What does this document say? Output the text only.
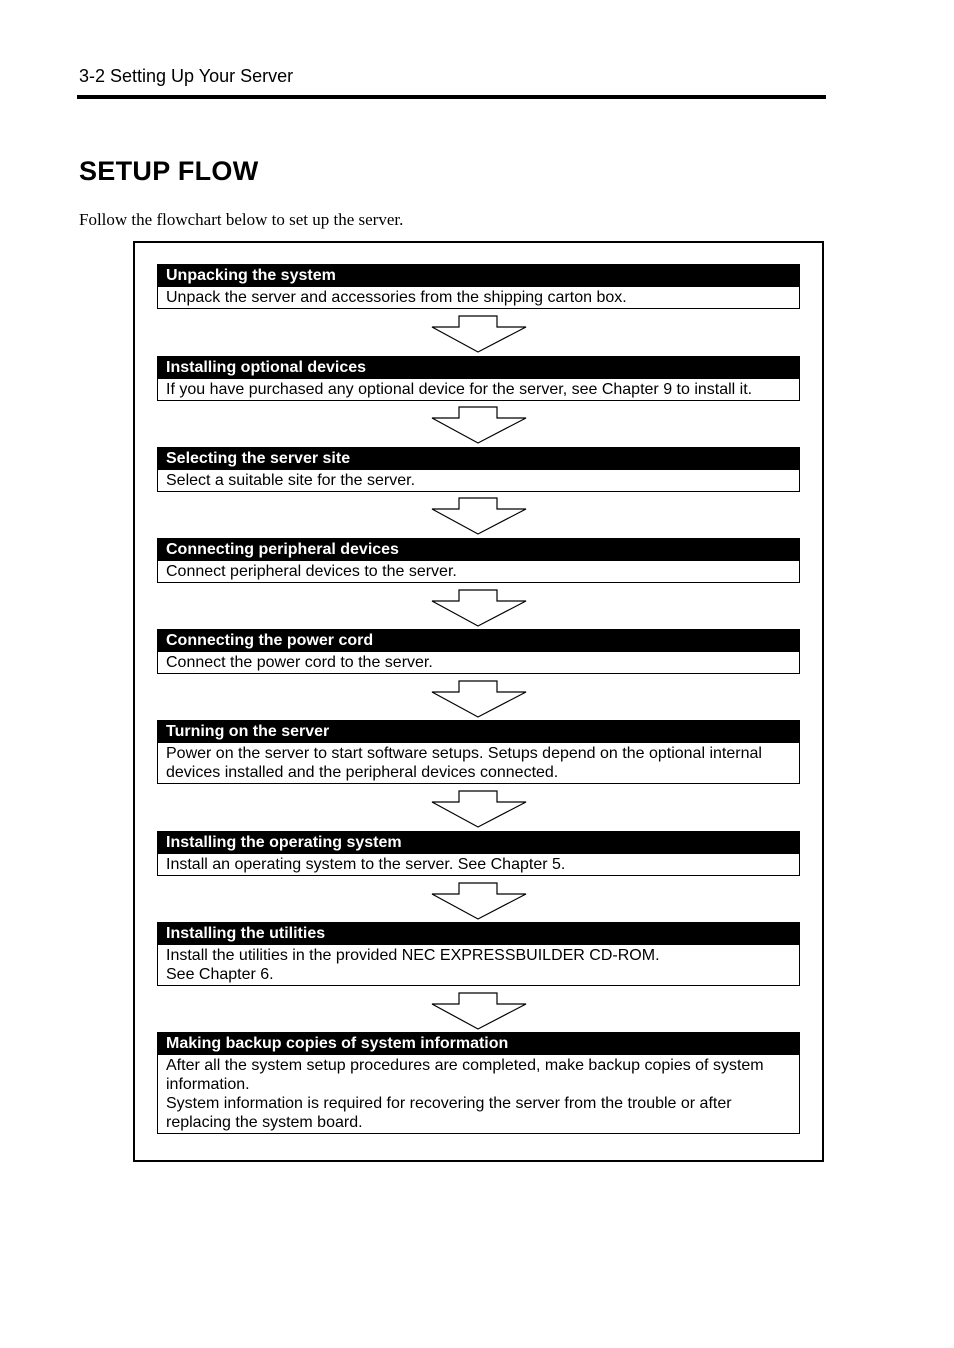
3-2 Setting Up Your Server
SETUP FLOW
Follow the flowchart below to set up the server.
Unpacking the system
Unpack the server and accessories from the shipping carton box.
Installing optional devices
If you have purchased any optional device for the server, see Chapter 9 to install it.
Selecting the server site
Select a suitable site for the server.
Connecting peripheral devices
Connect peripheral devices to the server.
Connecting the power cord
Connect the power cord to the server.
Turning on the server
Power on the server to start software setups. Setups depend on the optional internal
devices installed and the peripheral devices connected.
Installing the operating system
Install an operating system to the server. See Chapter 5.
Installing the utilities
Install the utilities in the provided NEC EXPRESSBUILDER CD-ROM.
See Chapter 6.
Making backup copies of system information
After all the system setup procedures are completed, make backup copies of system
information.
System information is required for recovering the server from the trouble or after
replacing the system board.
